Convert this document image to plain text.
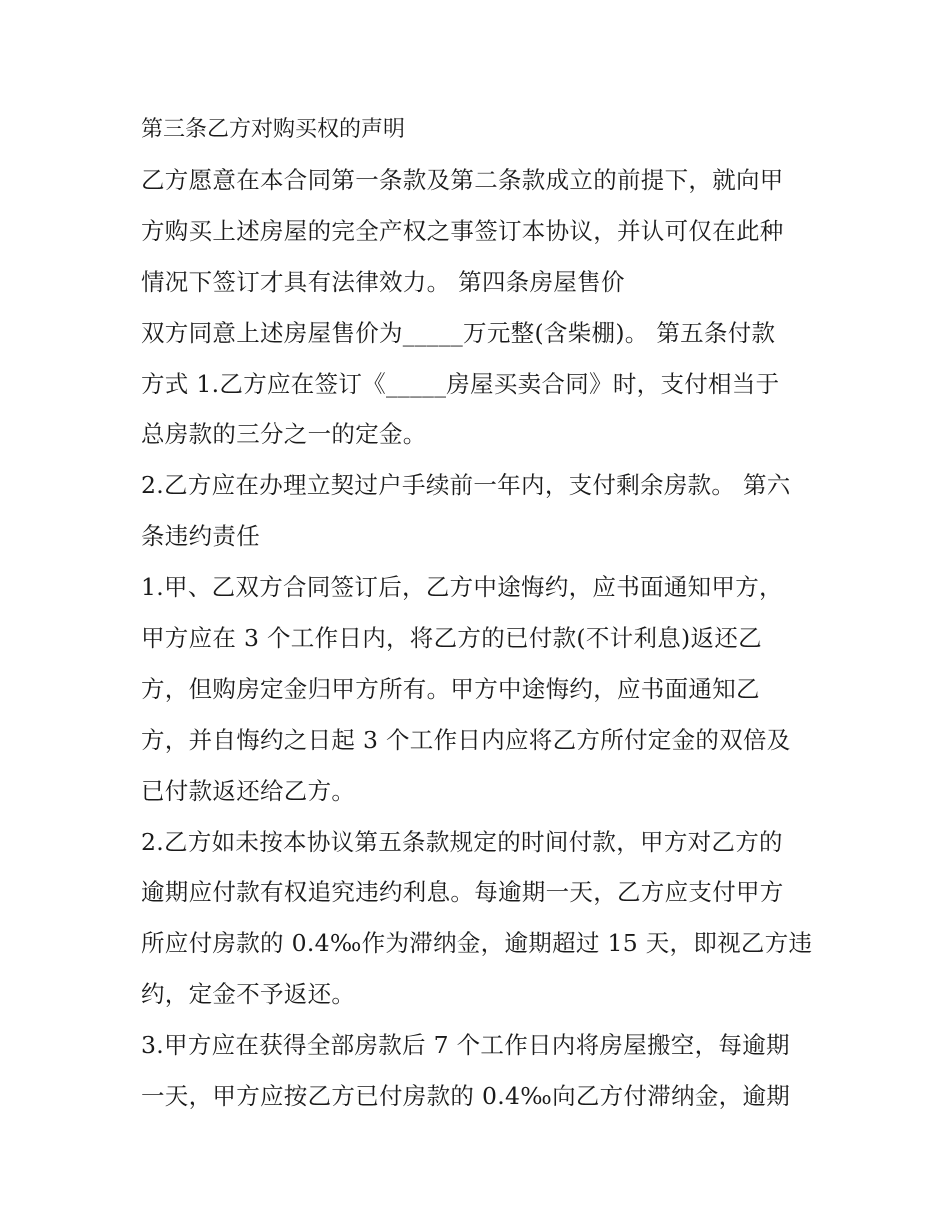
第三条乙方对购买权的声明
乙方愿意在本合同第一条款及第二条款成立的前提下，就向甲
方购买上述房屋的完全产权之事签订本协议，并认可仅在此种
情况下签订才具有法律效力。 第四条房屋售价
双方同意上述房屋售价为_____万元整(含柴棚)。 第五条付款
方式 1.乙方应在签订《_____房屋买卖合同》时，支付相当于
总房款的三分之一的定金。
2.乙方应在办理立契过户手续前一年内，支付剩余房款。 第六
条违约责任
1.甲、乙双方合同签订后，乙方中途悔约，应书面通知甲方，
甲方应在 3 个工作日内，将乙方的已付款(不计利息)返还乙
方，但购房定金归甲方所有。甲方中途悔约，应书面通知乙
方，并自悔约之日起 3 个工作日内应将乙方所付定金的双倍及
已付款返还给乙方。
2.乙方如未按本协议第五条款规定的时间付款，甲方对乙方的
逾期应付款有权追究违约利息。每逾期一天，乙方应支付甲方
所应付房款的 0.4‰作为滞纳金，逾期超过 15 天，即视乙方违
约，定金不予返还。
3.甲方应在获得全部房款后 7 个工作日内将房屋搬空，每逾期
一天，甲方应按乙方已付房款的 0.4‰向乙方付滞纳金，逾期
